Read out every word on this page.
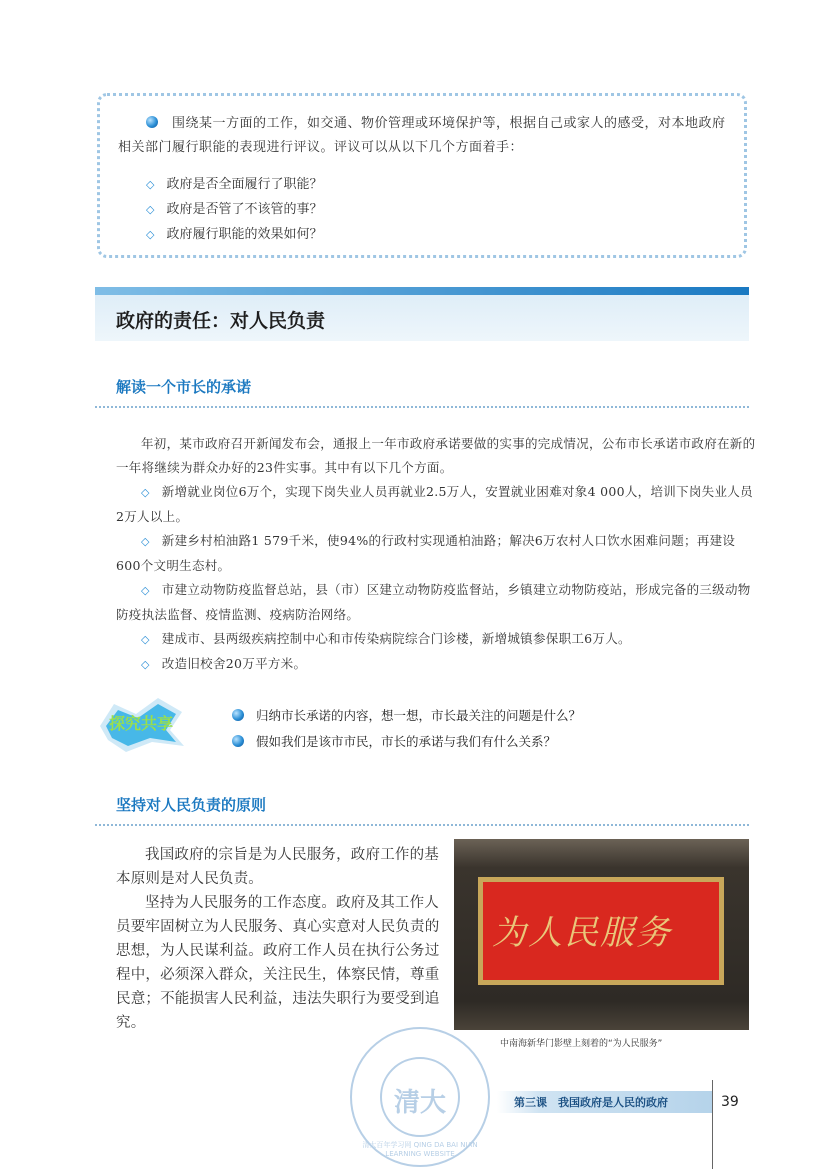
围绕某一方面的工作，如交通、物价管理或环境保护等，根据自己或家人的感受，对本地政府相关部门履行职能的表现进行评议。评议可以从以下几个方面着手：
◇ 政府是否全面履行了职能？
◇ 政府是否管了不该管的事？
◇ 政府履行职能的效果如何？
政府的责任：对人民负责
解读一个市长的承诺
年初，某市政府召开新闻发布会，通报上一年市政府承诺要做的实事的完成情况，公布市长承诺市政府在新的一年将继续为群众办好的23件实事。其中有以下几个方面。
◇ 新增就业岗位6万个，实现下岗失业人员再就业2.5万人，安置就业困难对象4 000人，培训下岗失业人员2万人以上。
◇ 新建乡村柏油路1 579千米，使94%的行政村实现通柏油路；解决6万农村人口饮水困难问题；再建设600个文明生态村。
◇ 市建立动物防疫监督总站，县（市）区建立动物防疫监督站，乡镇建立动物防疫站，形成完备的三级动物防疫执法监督、疫情监测、疫病防治网络。
◇ 建成市、县两级疾病控制中心和市传染病院综合门诊楼，新增城镇参保职工6万人。
◇ 改造旧校舍20万平方米。
探究共享	归纳市长承诺的内容，想一想，市长最关注的问题是什么？
假如我们是该市市民，市长的承诺与我们有什么关系？
坚持对人民负责的原则

我国政府的宗旨是为人民服务，政府工作的基本原则是对人民负责。

坚持为人民服务的工作态度。政府及其工作人员要牢固树立为人民服务、真心实意对人民负责的思想，为人民谋利益。政府工作人员在执行公务过程中，必须深入群众，关注民生，体察民情，尊重民意；不能损害人民利益，违法失职行为要受到追究。

为人民服务
中南海新华门影壁上刻着的“为人民服务”
清大
清大百年学习网 QING DA BAI NIAN LEARNING WEBSITE
第三课　我国政府是人民的政府	39
